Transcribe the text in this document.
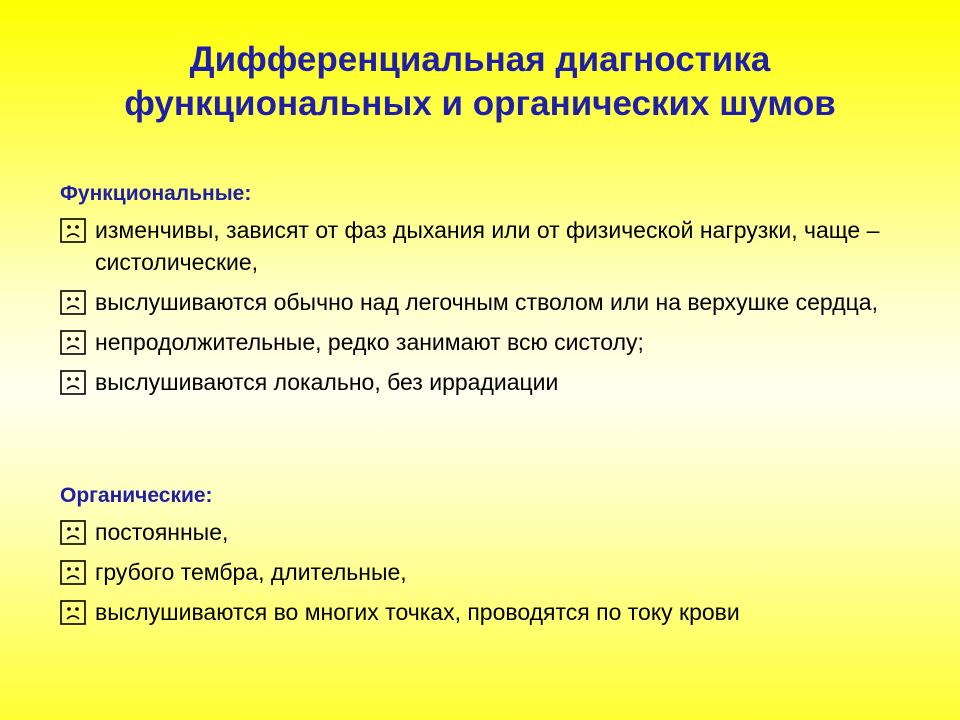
Дифференциальная диагностика
функциональных и органических шумов
Функциональные:
изменчивы, зависят от фаз дыхания или от физической нагрузки, чаще – систолические,
выслушиваются обычно над легочным стволом или на верхушке сердца,
непродолжительные, редко занимают всю систолу;
выслушиваются локально, без иррадиации
Органические:
постоянные,
грубого тембра, длительные,
выслушиваются во многих точках, проводятся по току крови
